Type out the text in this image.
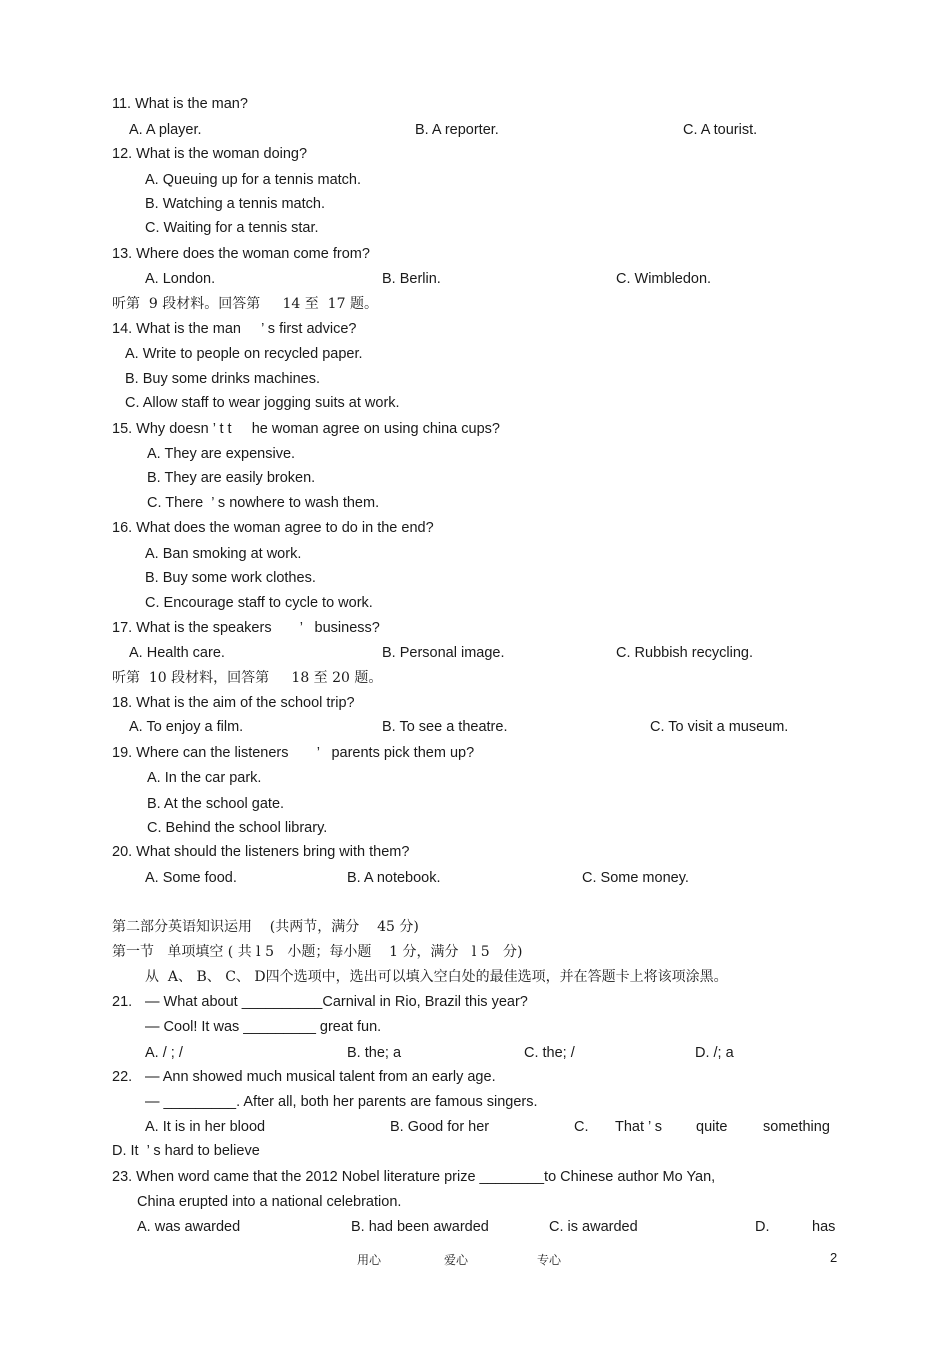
11. What is the man?
A. A player.	B. A reporter.	C. A tourist.
12. What is the woman doing?
A. Queuing up for a tennis match.
B. Watching a tennis match.
C. Waiting for a tennis star.
13. Where does the woman come from?
A. London.	B. Berlin.	C. Wimbledon.
听第  9 段材料。回答第     14 至  17 题。
14. What is the man     ’ s first advice?
A. Write to people on recycled paper.
B. Buy some drinks machines.
C. Allow staff to wear jogging suits at work.
15. Why doesn ’ t t     he woman agree on using china cups?
A. They are expensive.
B. They are easily broken.
C. There  ’ s nowhere to wash them.
16. What does the woman agree to do in the end?
A. Ban smoking at work.
B. Buy some work clothes.
C. Encourage staff to cycle to work.
17. What is the speakers       ’   business?
A. Health care.	B. Personal image.	C. Rubbish recycling.
听第  10 段材料，回答第     18 至 20 题。
18. What is the aim of the school trip?
A. To enjoy a film.	B. To see a theatre.	C. To visit a museum.
19. Where can the listeners       ’   parents pick them up?
A. In the car park.
B. At the school gate.
C. Behind the school library.
20. What should the listeners bring with them?
A. Some food.	B. A notebook.	C. Some money.
第二部分英语知识运用    (共两节，满分    45 分)
第一节   单项填空 ( 共 l 5   小题；每小题    1 分，满分   l 5   分)
从  A、 B、 C、 D四个选项中，选出可以填入空白处的最佳选项，并在答题卡上将该项涂黑。
21. — What about __________Carnival in Rio, Brazil this year?
— Cool! It was _________ great fun.
A. / ; /	B. the; a	C. the; /	D. /; a
22. — Ann showed much musical talent from an early age.
— _________. After all, both her parents are famous singers.
A. It is in her blood	B. Good for her	C. That ’ s quite something
D. It  ’ s hard to believe
23. When word came that the 2012 Nobel literature prize ________to Chinese author Mo Yan,
China erupted into a national celebration.
A. was awarded	B. had been awarded	C. is awarded	D.	has
用心	爱心	专心	2
